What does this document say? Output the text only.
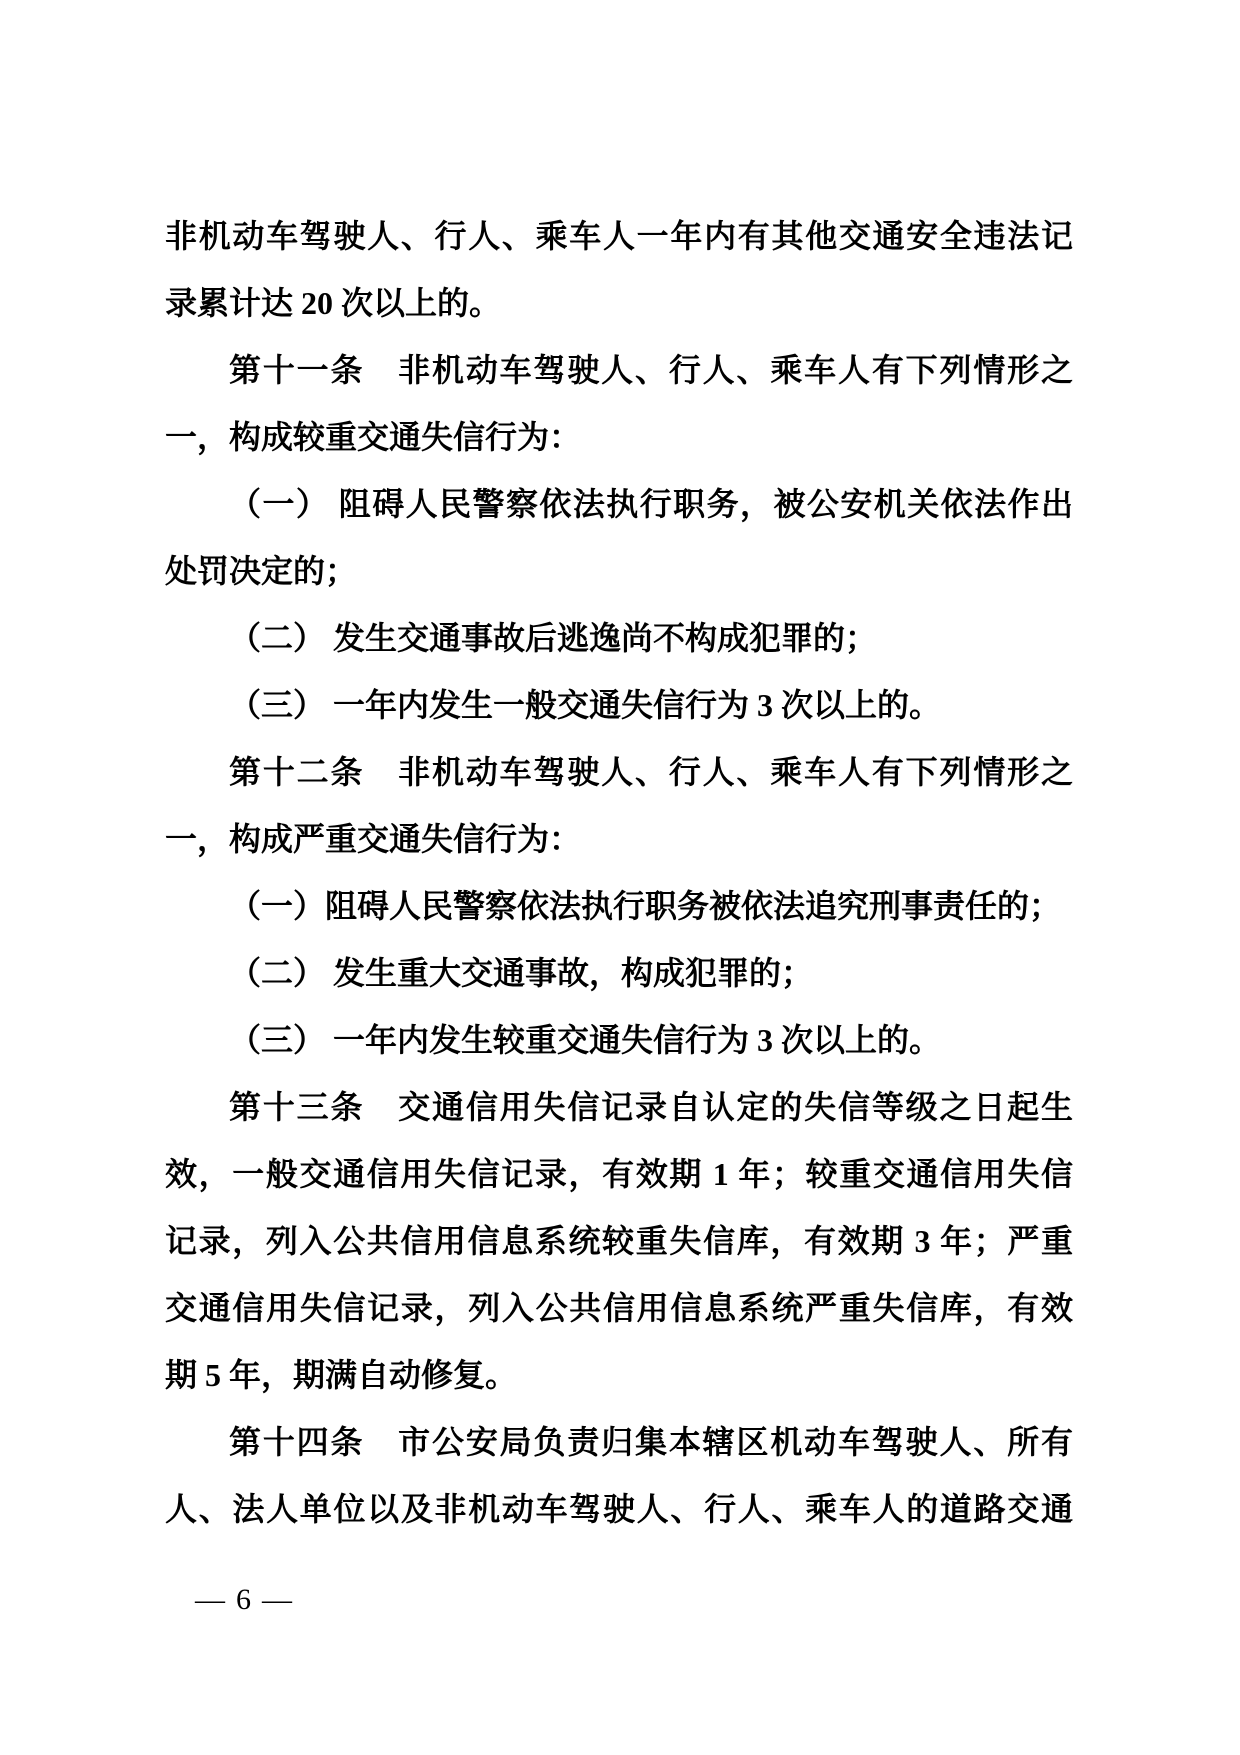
非机动车驾驶人、行人、乘车人一年内有其他交通安全违法记
录累计达 20 次以上的。
第十一条　非机动车驾驶人、行人、乘车人有下列情形之
一，构成较重交通失信行为：
（一） 阻碍人民警察依法执行职务，被公安机关依法作出
处罚决定的；
（二） 发生交通事故后逃逸尚不构成犯罪的；
（三） 一年内发生一般交通失信行为 3 次以上的。
第十二条　非机动车驾驶人、行人、乘车人有下列情形之
一，构成严重交通失信行为：
（一）阻碍人民警察依法执行职务被依法追究刑事责任的；
（二） 发生重大交通事故，构成犯罪的；
（三） 一年内发生较重交通失信行为 3 次以上的。
第十三条　交通信用失信记录自认定的失信等级之日起生
效，一般交通信用失信记录，有效期 1 年；较重交通信用失信
记录，列入公共信用信息系统较重失信库，有效期 3 年；严重
交通信用失信记录，列入公共信用信息系统严重失信库，有效
期 5 年，期满自动修复。
第十四条　市公安局负责归集本辖区机动车驾驶人、所有
人、法人单位以及非机动车驾驶人、行人、乘车人的道路交通
— 6 —
